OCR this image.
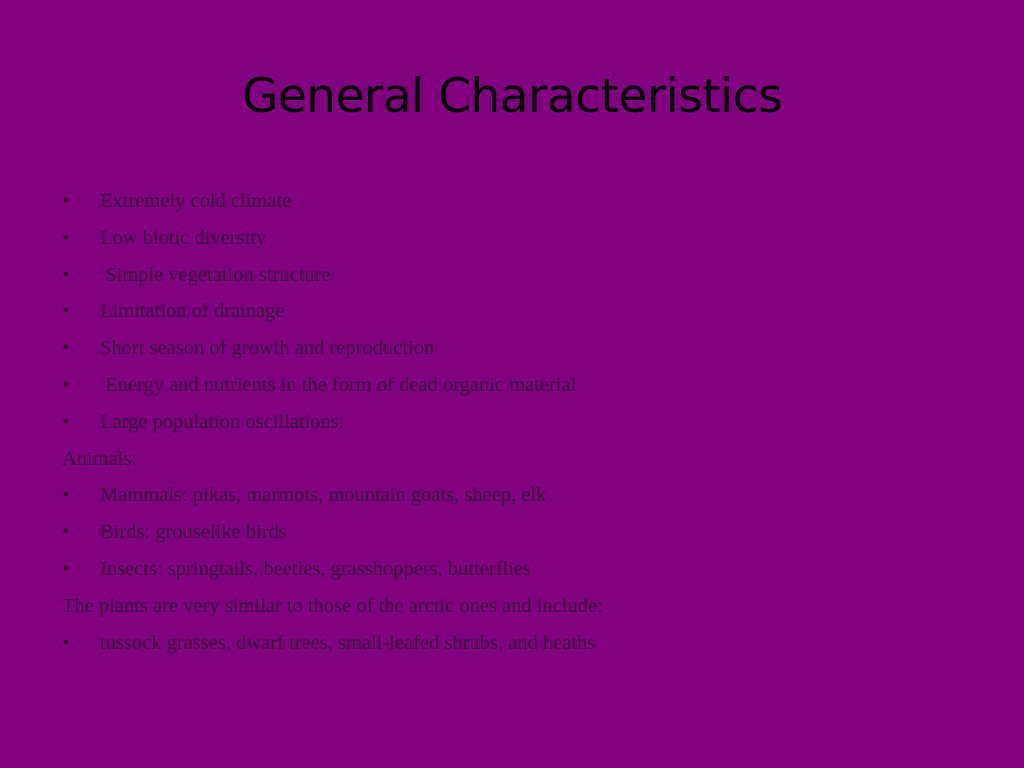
General Characteristics
• Extremely cold climate
• Low biotic diversity
• Simple vegetation structure
• Limitation of drainage
• Short season of growth and reproduction
• Energy and nutrients in the form of dead organic material
• Large population oscillations.
Animals:
• Mammals: pikas, marmots, mountain goats, sheep, elk
• Birds: grouselike birds
• Insects: springtails, beetles, grasshoppers, butterflies
The plants are very similar to those of the arctic ones and include:
• tussock grasses, dwarf trees, small-leafed shrubs, and heaths
